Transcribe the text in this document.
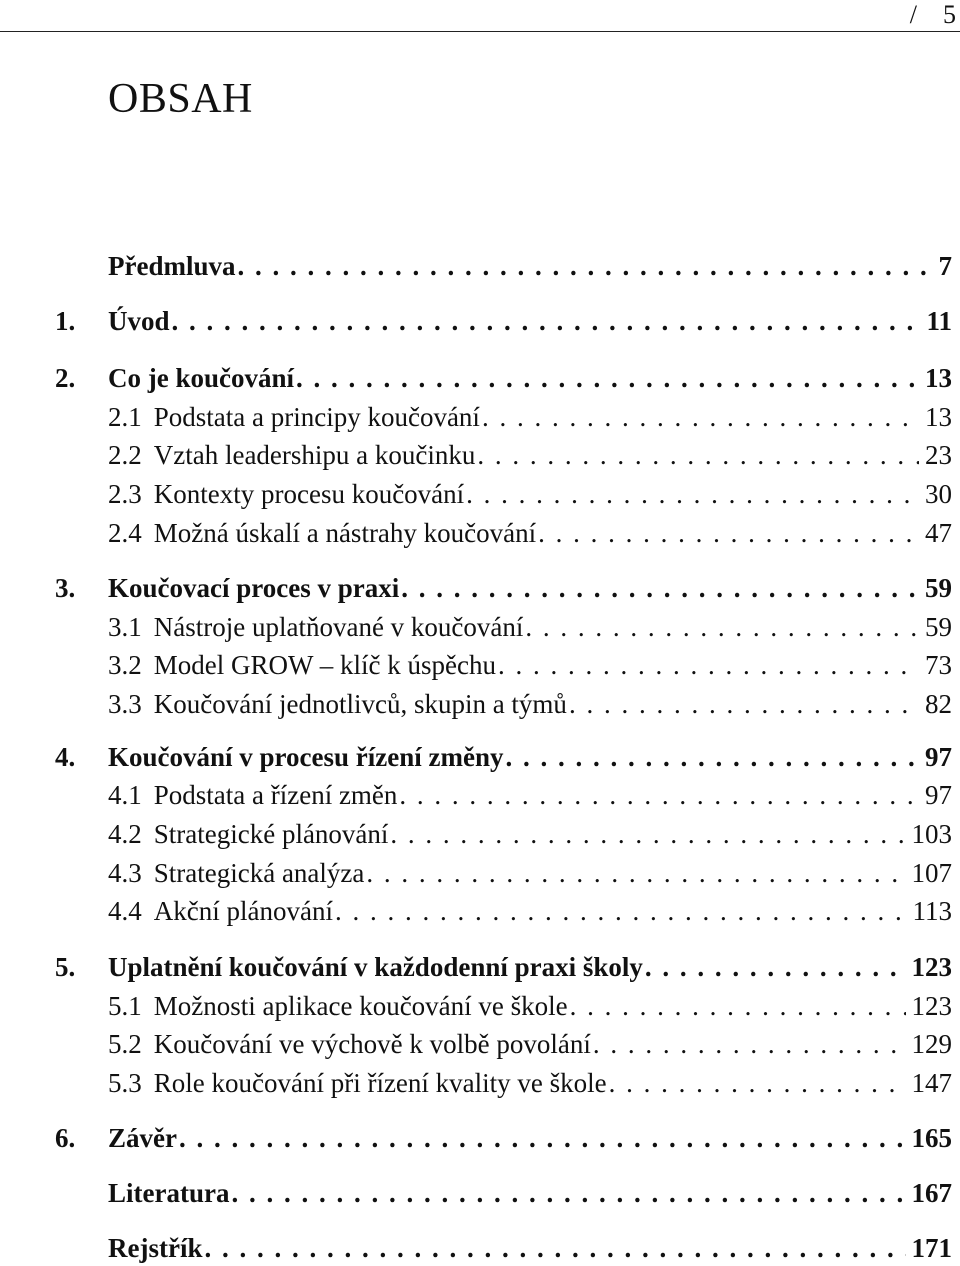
/    5
OBSAH
Předmluva . . .	7
1. Úvod . . .	11
2. Co je koučování . . .	13
2.1 Podstata a principy koučování . . .	13
2.2 Vztah leadershipu a koučinku . . .	23
2.3 Kontexty procesu koučování . . .	30
2.4 Možná úskalí a nástrahy koučování . . .	47
3. Koučovací proces v praxi . . .	59
3.1 Nástroje uplatňované v koučování . . .	59
3.2 Model GROW – klíč k úspěchu . . .	73
3.3 Koučování jednotlivců, skupin a týmů . . .	82
4. Koučování v procesu řízení změny . . .	97
4.1 Podstata a řízení změn . . .	97
4.2 Strategické plánování . . .	103
4.3 Strategická analýza . . .	107
4.4 Akční plánování . . .	113
5. Uplatnění koučování v každodenní praxi školy . . .	123
5.1 Možnosti aplikace koučování ve škole . . .	123
5.2 Koučování ve výchově k volbě povolání . . .	129
5.3 Role koučování při řízení kvality ve škole . . .	147
6. Závěr . . .	165
Literatura . . .	167
Rejstřík . . .	171
